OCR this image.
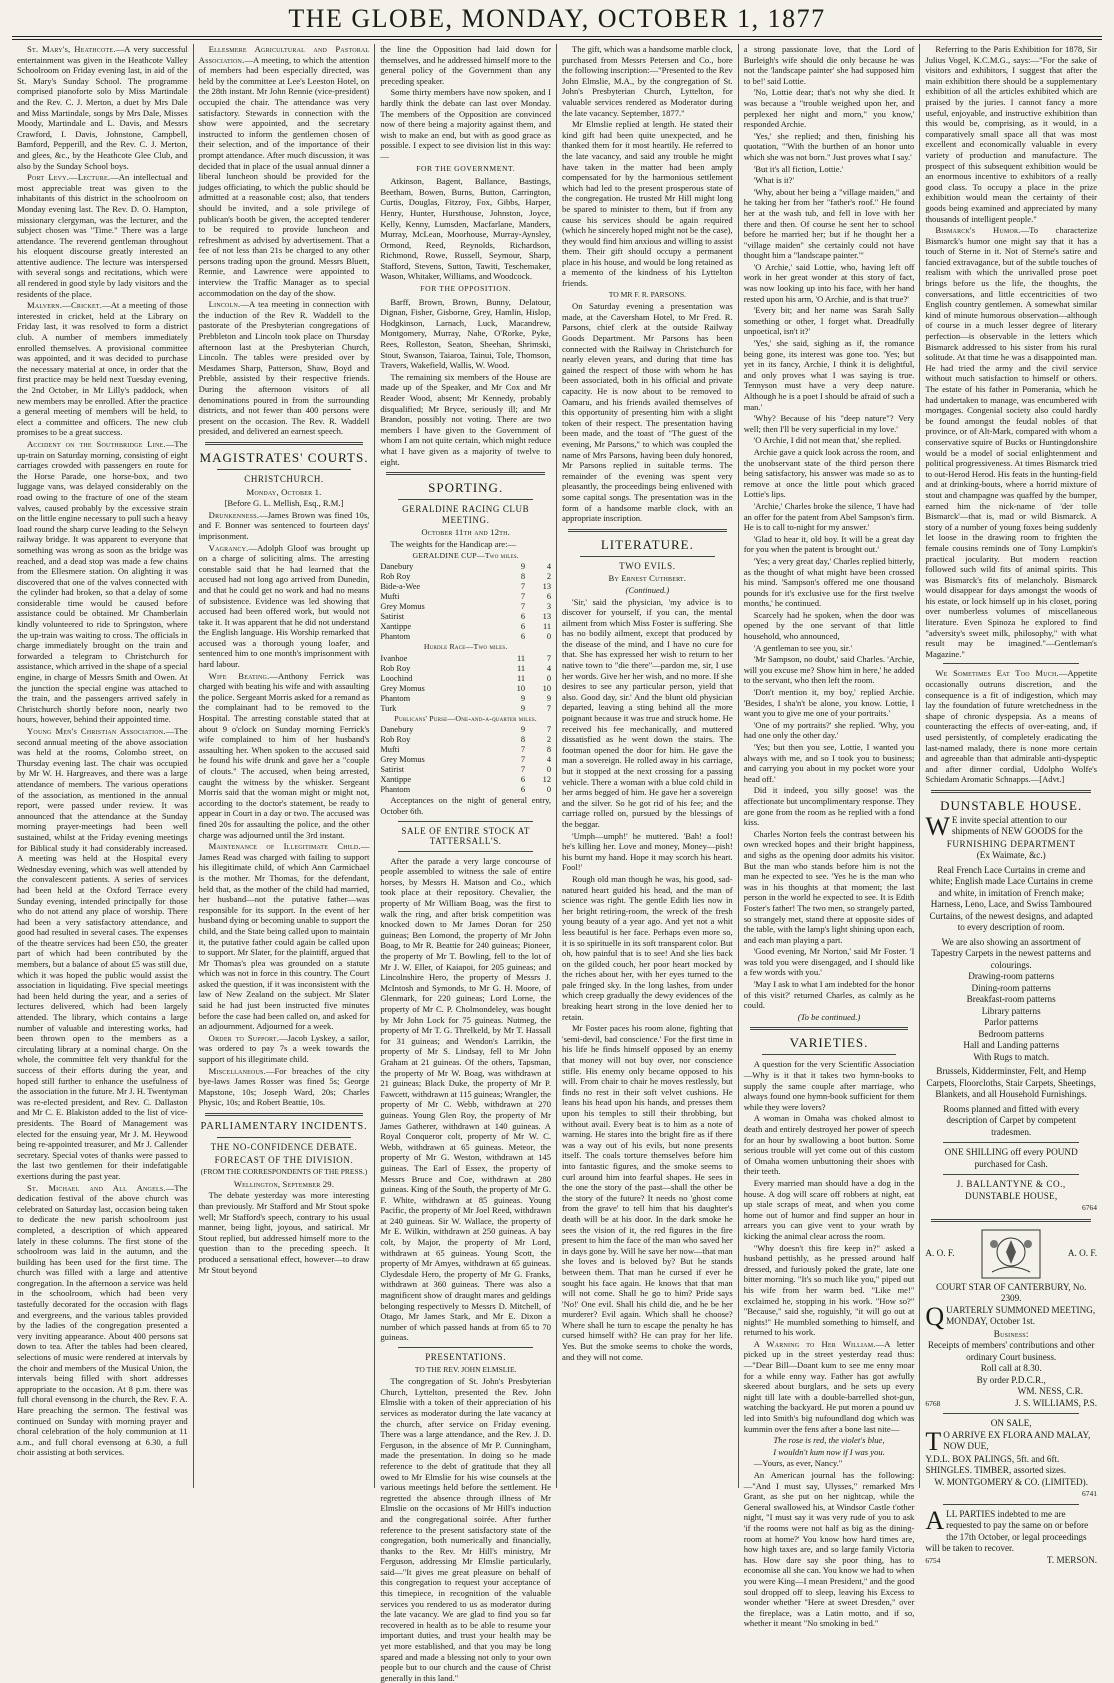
THE GLOBE, MONDAY, OCTOBER 1, 1877

St. Mary's, Heathcote.—A very successful entertainment was given in the Heathcote Valley Schoolroom on Friday evening last, in aid of the St. Mary's Sunday School. The programme comprised pianoforte solo by Miss Martindale and the Rev. C. J. Merton, a duet by Mrs Dale and Miss Martindale, songs by Mrs Dale, Misses Moody, Martindale and L. Davis, and Messrs Crawford, I. Davis, Johnstone, Campbell, Bamford, Pepperill, and the Rev. C. J. Merton, and glees, &c., by the Heathcote Glee Club, and also by the Sunday School boys.

Port Levy.—Lecture.—An intellectual and most appreciable treat was given to the inhabitants of this district in the schoolroom on Monday evening last. The Rev. D. O. Hampton, missionary clergyman, was the lecturer, and the subject chosen was "Time." There was a large attendance. The reverend gentleman throughout his eloquent discourse greatly interested an attentive audience. The lecture was interspersed with several songs and recitations, which were all rendered in good style by lady visitors and the residents of the place.

Malvern.—Cricket.—At a meeting of those interested in cricket, held at the Library on Friday last, it was resolved to form a district club. A number of members immediately enrolled themselves. A provisional committee was appointed, and it was decided to purchase the necessary material at once, in order that the first practice may be held next Tuesday evening, the 2nd October, in Mr Lilly's paddock, when new members may be enrolled. After the practice a general meeting of members will be held, to elect a committee and officers. The new club promises to be a great success.

Accident on the Southbridge Line.—The up-train on Saturday morning, consisting of eight carriages crowded with passengers en route for the Horse Parade, one horse-box, and two luggage vans, was delayed considerably on the road owing to the fracture of one of the steam valves, caused probably by the excessive strain on the little engine necessary to pull such a heavy load round the sharp curve leading to the Selwyn railway bridge. It was apparent to everyone that something was wrong as soon as the bridge was reached, and a dead stop was made a few chains from the Ellesmere station. On alighting it was discovered that one of the valves connected with the cylinder had broken, so that a delay of some considerable time would be caused before assistance could be obtained. Mr Chamberlain kindly volunteered to ride to Springston, where the up-train was waiting to cross. The officials in charge immediately brought on the train and forwarded a telegram to Christchurch for assistance, which arrived in the shape of a special engine, in charge of Messrs Smith and Owen. At the junction the special engine was attached to the train, and the passengers arrived safely in Christchurch shortly before noon, nearly two hours, however, behind their appointed time.

Young Men's Christian Association.—The second annual meeting of the above association was held at the rooms, Colombo street, on Thursday evening last. The chair was occupied by Mr W. H. Hargreaves, and there was a large attendance of members. The various operations of the association, as mentioned in the annual report, were passed under review. It was announced that the attendance at the Sunday morning prayer-meetings had been well sustained, whilst at the Friday evening meetings for Biblical study it had considerably increased. A meeting was held at the Hospital every Wednesday evening, which was well attended by the convalescent patients. A series of services had been held at the Oxford Terrace every Sunday evening, intended principally for those who do not attend any place of worship. There had been a very satisfactory attendance, and good had resulted in several cases. The expenses of the theatre services had been £50, the greater part of which had been contributed by the members, but a balance of about £5 was still due, which it was hoped the public would assist the association in liquidating. Five special meetings had been held during the year, and a series of lectures delivered, which had been largely attended. The library, which contains a large number of valuable and interesting works, had been thrown open to the members as a circulating library at a nominal charge. On the whole, the committee felt very thankful for the success of their efforts during the year, and hoped still further to enhance the usefulness of the association in the future. Mr J. H. Twentyman was re-elected president, and Rev. C. Dallaston and Mr C. E. Blakiston added to the list of vice-presidents. The Board of Management was elected for the ensuing year, Mr J. M. Heywood being re-appointed treasurer, and Mr J. Callender secretary. Special votes of thanks were passed to the last two gentlemen for their indefatigable exertions during the past year.

St. Michael and All Angels.—The dedication festival of the above church was celebrated on Saturday last, occasion being taken to dedicate the new parish schoolroom just completed, a description of which appeared lately in these columns. The first stone of the schoolroom was laid in the autumn, and the building has been used for the first time. The church was filled with a large and attentive congregation. In the afternoon a service was held in the schoolroom, which had been very tastefully decorated for the occasion with flags and evergreens, and the various tables provided by the ladies of the congregation presented a very inviting appearance. About 400 persons sat down to tea. After the tables had been cleared, selections of music were rendered at intervals by the choir and members of the Musical Union, the intervals being filled with short addresses appropriate to the occasion. At 8 p.m. there was full choral evensong in the church, the Rev. F. A. Hare preaching the sermon. The festival was continued on Sunday with morning prayer and choral celebration of the holy communion at 11 a.m., and full choral evensong at 6.30, a full choir assisting at both services.

Ellesmere Agricultural and Pastoral Association.—A meeting, to which the attention of members had been especially directed, was held by the committee at Lee's Leeston Hotel, on the 28th instant. Mr John Rennie (vice-president) occupied the chair. The attendance was very satisfactory. Stewards in connection with the show were appointed, and the secretary instructed to inform the gentlemen chosen of their selection, and of the importance of their prompt attendance. After much discussion, it was decided that in place of the usual annual dinner a liberal luncheon should be provided for the judges officiating, to which the public should be admitted at a reasonable cost; also, that tenders should be invited, and a sole privilege of publican's booth be given, the accepted tenderer to be required to provide luncheon and refreshment as advised by advertisement. That a fee of not less than 21s be charged to any other persons trading upon the ground. Messrs Bluett, Rennie, and Lawrence were appointed to interview the Traffic Manager as to special accommodation on the day of the show.

Lincoln.—A tea meeting in connection with the induction of the Rev R. Waddell to the pastorate of the Presbyterian congregations of Prebbleton and Lincoln took place on Thursday afternoon last at the Presbyterian Church, Lincoln. The tables were presided over by Mesdames Sharp, Patterson, Shaw, Boyd and Prebble, assisted by their respective friends. During the afternoon visitors of all denominations poured in from the surrounding districts, and not fewer than 400 persons were present on the occasion. The Rev. R. Waddell presided, and delivered an earnest speech.

MAGISTRATES' COURTS.
CHRISTCHURCH.

Monday, October 1.

[Before G. L. Mellish, Esq., R.M.]

Drunkenness.—James Brown was fined 10s, and F. Bonner was sentenced to fourteen days' imprisonment.

Vagrancy.—Adolph Gloof was brought up on a charge of soliciting alms. The arresting constable said that he had learned that the accused had not long ago arrived from Dunedin, and that he could get no work and had no means of subsistence. Evidence was led showing that accused had been offered work, but would not take it. It was apparent that he did not understand the English language. His Worship remarked that accused was a thorough young loafer, and sentenced him to one month's imprisonment with hard labour.

Wife Beating.—Anthony Ferrick was charged with beating his wife and with assaulting the police. Sergeant Morris asked for a remand as the complainant had to be removed to the Hospital. The arresting constable stated that at about 9 o'clock on Sunday morning Ferrick's wife complained to him of her husband's assaulting her. When spoken to the accused said he found his wife drunk and gave her a "couple of clouts." The accused, when being arrested, caught the witness by the whisker. Sergeant Morris said that the woman might or might not, according to the doctor's statement, be ready to appear in Court in a day or two. The accused was fined 20s for assaulting the police, and the other charge was adjourned until the 3rd instant.

Maintenance of Illegitimate Child.—James Read was charged with failing to support his illegitimate child, of which Ann Carmichael is the mother. Mr Thomas, for the defendant, held that, as the mother of the child had married, her husband—not the putative father—was responsible for its support. In the event of her husband dying or becoming unable to support the child, and the State being called upon to maintain it, the putative father could again be called upon to support. Mr Slater, for the plaintiff, argued that Mr Thomas's plea was grounded on a statute which was not in force in this country. The Court asked the question, if it was inconsistent with the law of New Zealand on the subject. Mr Slater said he had just been instructed five minutes before the case had been called on, and asked for an adjournment. Adjourned for a week.

Order to Support.—Jacob Lyskey, a sailor, was ordered to pay 7s a week towards the support of his illegitimate child.

Miscellaneous.—For breaches of the city bye-laws James Rosser was fined 5s; George Mapstone, 10s; Joseph Ward, 20s; Charles Physic, 10s; and Robert Beattie, 10s.

PARLIAMENTARY INCIDENTS.
THE NO-CONFIDENCE DEBATE.
FORECAST OF THE DIVISION.

(FROM THE CORRESPONDENTS OF THE PRESS.)

Wellington, September 29.

The debate yesterday was more interesting than previously. Mr Stafford and Mr Stout spoke well; Mr Stafford's speech, contrary to his usual manner, being light, joyous, and satirical. Mr Stout replied, but addressed himself more to the question than to the preceding speech. It produced a sensational effect, however—to draw Mr Stout beyond

the line the Opposition had laid down for themselves, and he addressed himself more to the general policy of the Government than any preceding speaker.

Some thirty members have now spoken, and I hardly think the debate can last over Monday. The members of the Opposition are convinced now of there being a majority against them, and wish to make an end, but with as good grace as possible. I expect to see division list in this way:—

FOR THE GOVERNMENT.

Atkinson, Bagent, Ballance, Bastings, Beetham, Bowen, Burns, Button, Carrington, Curtis, Douglas, Fitzroy, Fox, Gibbs, Harper, Henry, Hunter, Hursthouse, Johnston, Joyce, Kelly, Kenny, Lumsden, Macfarlane, Manders, Murray, McLean, Moorhouse, Murray-Aynsley, Ormond, Reed, Reynolds, Richardson, Richmond, Rowe, Russell, Seymour, Sharp, Stafford, Stevens, Sutton, Tawiti, Teschemaker, Wason, Whitaker, Williams, and Woodcock.

FOR THE OPPOSITION.

Barff, Brown, Brown, Bunny, Delatour, Dignan, Fisher, Gisborne, Grey, Hamlin, Hislop, Hodgkinson, Larnach, Luck, Macandrew, Montgomery, Murray, Nahe, O'Rorke, Pyke, Rees, Rolleston, Seaton, Sheehan, Shrimski, Stout, Swanson, Taiaroa, Tainui, Tole, Thomson, Travers, Wakefield, Wallis, W. Wood.

The remaining six members of the House are made up of the Speaker, and Mr Cox and Mr Reader Wood, absent; Mr Kennedy, probably disqualified; Mr Bryce, seriously ill; and Mr Brandon, possibly not voting. There are two members I have given to the Government of whom I am not quite certain, which might reduce what I have given as a majority of twelve to eight.

SPORTING.
GERALDINE RACING CLUB MEETING.

October 11th and 12th.

The weights for the Handicap are:—

GERALDINE CUP—Two miles.

Danebury	9	4
Rob Roy	8	2
Bide-a-Wee	7	13
Mufti	7	6
Grey Momus	7	3
Satirist	6	13
Xantippe	6	11
Phantom	6	0

Hurdle Race—Two miles.

Ivanhoe	11	7
Rob Roy	11	4
Loochind	11	0
Grey Momus	10	10
Phantom	9	9
Turk	9	7

Publicans' Purse—One-and-a-quarter miles.

Danebury	9	7
Rob Roy	8	2
Mufti	7	8
Grey Momus	7	4
Satirist	7	0
Xantippe	6	12
Phantom	6	0

Acceptances on the night of general entry, October 6th.

SALE OF ENTIRE STOCK AT TATTERSALL'S.

After the parade a very large concourse of people assembled to witness the sale of entire horses, by Messrs H. Matson and Co., which took place at their repository. Chevalier, the property of Mr William Boag, was the first to walk the ring, and after brisk competition was knocked down to Mr James Doran for 250 guineas; Ben Lomond, the property of Mr John Boag, to Mr R. Beattie for 240 guineas; Pioneer, the property of Mr T. Bowling, fell to the lot of Mr J. W. Eller, of Kaiapoi, for 205 guineas; and Lincolnshire Hero, the property of Messrs J. McIntosh and Symonds, to Mr G. H. Moore, of Glenmark, for 220 guineas; Lord Lorne, the property of Mr C. P. Cholmondeley, was bought by Mr John Lock for 75 guineas. Nutmeg, the property of Mr T. G. Threlkeld, by Mr T. Hassall for 31 guineas; and Wendon's Larrikin, the property of Mr S. Lindsay, fell to Mr John Graham at 21 guineas. Of the others, Tapsman, the property of Mr W. Boag, was withdrawn at 21 guineas; Black Duke, the property of Mr P. Fawcett, withdrawn at 115 guineas; Wrangler, the property of Mr C. Webb, withdrawn at 270 guineas. Young Glen Roy, the property of Mr James Gatherer, withdrawn at 140 guineas. A Royal Conqueror colt, property of Mr W. C. Webb, withdrawn at 65 guineas. Meteor, the property of Mr G. Weston, withdrawn at 145 guineas. The Earl of Essex, the property of Messrs Bruce and Coe, withdrawn at 280 guineas. King of the South, the property of Mr G. F. White, withdrawn at 85 guineas. Young Pacific, the property of Mr Joel Reed, withdrawn at 240 guineas. Sir W. Wallace, the property of Mr E. Wilkin, withdrawn at 250 guineas. A bay colt, by Major, the property of Mr Lord, withdrawn at 65 guineas. Young Scott, the property of Mr Amyes, withdrawn at 65 guineas. Clydesdale Hero, the property of Mr G. Franks, withdrawn at 360 guineas. There was also a magnificent show of draught mares and geldings belonging respectively to Messrs D. Mitchell, of Otago, Mr James Stark, and Mr E. Dixon a number of which passed hands at from 65 to 70 guineas.

PRESENTATIONS.

TO THE REV. JOHN ELMSLIE.

The congregation of St. John's Presbyterian Church, Lyttelton, presented the Rev. John Elmslie with a token of their appreciation of his services as moderator during the late vacancy at the church, after service on Friday evening. There was a large attendance, and the Rev. J. D. Ferguson, in the absence of Mr P. Cunningham, made the presentation. In doing so he made reference to the debt of gratitude that they all owed to Mr Elmslie for his wise counsels at the various meetings held before the settlement. He regretted the absence through illness of Mr Elmslie on the occasions of Mr Hill's induction and the congregational soirée. After further reference to the present satisfactory state of the congregation, both numerically and financially, thanks to the Rev. Mr Hill's ministry, Mr Ferguson, addressing Mr Elmslie particularly, said—"It gives me great pleasure on behalf of this congregation to request your acceptance of this timepiece, in recognition of the valuable services you rendered to us as moderator during the late vacancy. We are glad to find you so far recovered in health as to be able to resume your important duties, and trust your health may be yet more established, and that you may be long spared and made a blessing not only to your own people but to our church and the cause of Christ generally in this land."

The gift, which was a handsome marble clock, purchased from Messrs Petersen and Co., bore the following inscription:—"Presented to the Rev John Elmslie, M.A., by the congregation of St. John's Presbyterian Church, Lyttelton, for valuable services rendered as Moderator during the late vacancy. September, 1877."

Mr Elmslie replied at length. He stated their kind gift had been quite unexpected, and he thanked them for it most heartily. He referred to the late vacancy, and said any trouble he might have taken in the matter had been amply compensated for by the harmonious settlement which had led to the present prosperous state of the congregation. He trusted Mr Hill might long be spared to minister to them, but if from any cause his services should be again required (which he sincerely hoped might not be the case), they would find him anxious and willing to assist them. Their gift should occupy a permanent place in his house, and would be long retained as a memento of the kindness of his Lyttelton friends.

TO MR F. R. PARSONS.

On Saturday evening a presentation was made, at the Caversham Hotel, to Mr Fred. R. Parsons, chief clerk at the outside Railway Goods Department. Mr Parsons has been connected with the Railway in Christchurch for nearly eleven years, and during that time has gained the respect of those with whom he has been associated, both in his official and private capacity. He is now about to be removed to Oamaru, and his friends availed themselves of this opportunity of presenting him with a slight token of their respect. The presentation having been made, and the toast of "The guest of the evening, Mr Parsons," to which was coupled the name of Mrs Parsons, having been duly honored, Mr Parsons replied in suitable terms. The remainder of the evening was spent very pleasantly, the proceedings being enlivened with some capital songs. The presentation was in the form of a handsome marble clock, with an appropriate inscription.

LITERATURE.
TWO EVILS.

By Ernest Cuthbert.

(Continued.)

'Sir,' said the physician, 'my advice is to discover for yourself, if you can, the mental ailment from which Miss Foster is suffering. She has no bodily ailment, except that produced by the disease of the mind, and I have no cure for that. She has expressed her wish to return to her native town to "die there"—pardon me, sir, I use her words. Give her her wish, and no more. If she desires to see any particular person, yield that also. Good day, sir.' And the blunt old physician departed, leaving a sting behind all the more poignant because it was true and struck home. He received his fee mechanically, and muttered dissatisfied as he went down the stairs. The footman opened the door for him. He gave the man a sovereign. He rolled away in his carriage, but it stopped at the next crossing for a passing vehicle. There a woman with a blue cold child in her arms begged of him. He gave her a sovereign and the silver. So he got rid of his fee; and the carriage rolled on, pursued by the blessings of the beggar.

'Umph—umph!' he muttered. 'Bah! a fool! he's killing her. Love and money, Money—pish! his burnt my hand. Hope it may scorch his heart. Fool!'

Rough old man though he was, his good, sad-natured heart guided his head, and the man of science was right. The gentle Edith lies now in her bright retiring-room, the wreck of the fresh young beauty of a year ago. And yet not a whit less beautiful is her face. Perhaps even more so, it is so spirituelle in its soft transparent color. But oh, how painful that is to see! And she lies back on the gilded couch, her poor heart mocked by the riches about her, with her eyes turned to the pale fringed sky. In the long lashes, from under which creep gradually the dewy evidences of the breaking heart strong in the love denied her to retain.

Mr Foster paces his room alone, fighting that 'semi-devil, bad conscience.' For the first time in his life he finds himself opposed by an enemy that money will not buy over, nor conscience stifle. His enemy only became opposed to his will. From chair to chair he moves restlessly, but finds no rest in their soft velvet cushions. He leans his head upon his hands, and presses them upon his temples to still their throbbing, but without avail. Every beat is to him as a note of warning. He stares into the bright fire as if there was a way out of his evils, but none presents itself. The coals torture themselves before him into fantastic figures, and the smoke seems to curl around him into fearful shapes. He sees in the one the story of the past—shall the other be the story of the future? It needs no 'ghost come from the grave' to tell him that his daughter's death will be at his door. In the dark smoke he sees the vision of it, the red figures in the fire present to him the face of the man who saved her in days gone by. Will he save her now—that man she loves and is beloved by? But he stands between them. That man he cursed if ever he sought his face again. He knows that that man will not come. Shall he go to him? Pride says 'No!' One evil. Shall his child die, and he be her murderer? Evil again. Which shall he choose? Where shall he turn to escape the penalty he has cursed himself with? He can pray for her life. Yes. But the smoke seems to choke the words, and they will not come.

a strong passionate love, that the Lord of Burleigh's wife should die only because he was not the 'landscape painter' she had supposed him to be!' said Lottie.

'No, Lottie dear; that's not why she died. It was because a "trouble weighed upon her, and perplexed her night and morn," you know,' responded Archie.

'Yes,' she replied; and then, finishing his quotation, '"With the burthen of an honor unto which she was not born." Just proves what I say.'

'But it's all fiction, Lottie.'

'What is it?'

'Why, about her being a "village maiden," and he taking her from her "father's roof." He found her at the wash tub, and fell in love with her there and then. Of course he sent her to school before he married her; but if he thought her a "village maiden" she certainly could not have thought him a "landscape painter."'

'O Archie,' said Lottie, who, having left off work in her great wonder at this story of fact, was now looking up into his face, with her hand rested upon his arm, 'O Archie, and is that true?'

'Every bit; and her name was Sarah Sally something or other, I forget what. Dreadfully unpoetical, isn't it?'

'Yes,' she said, sighing as if, the romance being gone, its interest was gone too. 'Yes; but yet in its fancy, Archie, I think it is delightful, and only proves what I was saying is true. Tennyson must have a very deep nature. Although he is a poet I should be afraid of such a man.'

'Why? Because of his "deep nature"? Very well; then I'll be very superficial in my love.'

'O Archie, I did not mean that,' she replied.

Archie gave a quick look across the room, and the unobservant state of the third person there being satisfactory, his answer was made so as to remove at once the little pout which graced Lottie's lips.

'Archie,' Charles broke the silence, 'I have had an offer for the patent from Abel Sampson's firm. He is to call to-night for my answer.'

'Glad to hear it, old boy. It will be a great day for you when the patent is brought out.'

'Yes; a very great day,' Charles replied bitterly, as the thought of what might have been crossed his mind. 'Sampson's offered me one thousand pounds for it's exclusive use for the first twelve months,' he continued.

Scarcely had he spoken, when the door was opened by the one servant of that little household, who announced,

'A gentleman to see you, sir.'

'Mr Sampson, no doubt,' said Charles. 'Archie, will you excuse me? Show him in here,' he added to the servant, who then left the room.

'Don't mention it, my boy,' replied Archie. 'Besides, I sha'n't be alone, you know. Lottie, I want you to give me one of your portraits.'

'One of my portraits?' she replied. 'Why, you had one only the other day.'

'Yes; but then you see, Lottie, I wanted you always with me, and so I took you to business; and carrying you about in my pocket wore your head off.'

Did it indeed, you silly goose! was the affectionate but uncomplimentary response. They are gone from the room as he replied with a fond kiss.

Charles Norton feels the contrast between his own wrecked hopes and their bright happiness, and sighs as the opening door admits his visitor. But the man who stands before him is not the man he expected to see. 'Yes he is the man who was in his thoughts at that moment; the last person in the world he expected to see. It is Edith Foster's father! The two men, so strangely parted, so strangely met, stand there at opposite sides of the table, with the lamp's light shining upon each, and each man playing a part.

'Good evening, Mr Norton,' said Mr Foster. 'I was told you were disengaged, and I should like a few words with you.'

'May I ask to what I am indebted for the honor of this visit?' returned Charles, as calmly as he could.

(To be continued.)

VARIETIES.

A question for the very Scientific Association—Why is it that it takes two hymn-books to supply the same couple after marriage, who always found one hymn-book sufficient for them while they were lovers?

A woman in Omaha was choked almost to death and entirely destroyed her power of speech for an hour by swallowing a boot button. Some serious trouble will yet come out of this custom of Omaha women unbuttoning their shoes with their teeth.

Every married man should have a dog in the house. A dog will scare off robbers at night, eat up stale scraps of meat, and when you come home out of humor and find supper an hour in arrears you can give vent to your wrath by kicking the animal clear across the room.

"Why doesn't this fire keep in?" asked a husband pettishly, as he pressed around half dressed, and furiously poked the grate, late one bitter morning. "It's so much like you," piped out his wife from her warm bed. "Like me!" exclaimed he, stopping in his work. "How so?" "Because," said she, roguishly, "it will go out at nights!" He mumbled something to himself, and returned to his work.

A Warning to Her William.—A letter picked up in the street yesterday read thus:—"Dear Bill—Doant kum to see me enny moar for a while enny way. Father has got awfully skeered about burglars, and he sets up every night till late with a double-barrelled shot-gun, watching the backyard. He put moren a pound uv led into Smith's big nufoundland dog which was kummin over the fens after a bone last nite—

The rose is red, the violet's blue,

I wouldn't kum now if I was you.

—Yours, as ever, Nancy."

An American journal has the following:—"And I must say, Ulysses," remarked Mrs Grant, as she put on her nightcap, while the General swallowed his, at Windsor Castle t'other night, "I must say it was very rude of you to ask 'if the rooms were not half as big as the dining-room at home?' You know how hard times are, how high taxes are, and so large family Victoria has. How dare say she poor thing, has to economise all she can. You know we had to when you were King—I mean President," and the good soul dropped off to sleep, leaving his Excess to wonder whether "Here at sweet Dresden," over the fireplace, was a Latin motto, and if so, whether it meant "No smoking in bed."

Referring to the Paris Exhibition for 1878, Sir Julius Vogel, K.C.M.G., says:—"For the sake of visitors and exhibitors, I suggest that after the main exhibition there should be a supplementary exhibition of all the articles exhibited which are praised by the juries. I cannot fancy a more useful, enjoyable, and instructive exhibition than this would be, comprising, as it would, in a comparatively small space all that was most excellent and economically valuable in every variety of production and manufacture. The prospect of this subsequent exhibition would be an enormous incentive to exhibitors of a really good class. To occupy a place in the prize exhibition would mean the certainty of their goods being examined and appreciated by many thousands of intelligent people."

Bismarck's Humor.—To characterize Bismarck's humor one might say that it has a touch of Sterne in it. Not of Sterne's satire and fancied extravagance, but of the subtle touches of realism with which the unrivalled prose poet brings before us the life, the thoughts, the conversations, and little eccentricities of two English country gentlemen. A somewhat similar kind of minute humorous observation—although of course in a much lesser degree of literary perfection—is observable in the letters which Bismarck addressed to his sister from his rural solitude. At that time he was a disappointed man. He had tried the army and the civil service without much satisfaction to himself or others. The estate of his father in Pomerania, which he had undertaken to manage, was encumbered with mortgages. Congenial society also could hardly be found amongst the feudal nobles of that province, or of Alt-Mark, compared with whom a conservative squire of Bucks or Huntingdonshire would be a model of social enlightenment and political progressiveness. At times Bismarck tried to out-Herod Herod. His feats in the hunting-field and at drinking-bouts, where a horrid mixture of stout and champagne was quaffed by the bumper, earned him the nick-name of 'der tolle Bismarck'—that is, mad or wild Bismarck. A story of a number of young foxes being suddenly let loose in the drawing room to frighten the female cousins reminds one of Tony Lumpkin's practical jocularity. But modern reaction followed such wild fits of animal spirits. This was Bismarck's fits of melancholy. Bismarck would disappear for days amongst the woods of his estate, or lock himself up in his closet, poring over numberless volumes of miscellaneous literature. Even Spinoza he explored to find "adversity's sweet milk, philosophy," with what result may be imagined."—Gentleman's Magazine."

We Sometimes Eat Too Much.—Appetite occasionally outruns discretion, and the consequence is a fit of indigestion, which may lay the foundation of future wretchedness in the shape of chronic dyspepsia. As a means of counteracting the effects of over-eating, and, if used persistently, of completely eradicating the last-named malady, there is none more certain and agreeable than that admirable anti-dyspeptic and after dinner cordial, Udolpho Wolfe's Schiedam Aromatic Schnapps.—[Advt.]

DUNSTABLE HOUSE.
W E invite special attention to our shipments of NEW GOODS for the
FURNISHING DEPARTMENT
(Ex Waimate, &c.)
Real French Lace Curtains in creme and white; English made Lace Curtains in creme and white, in imitation of French make; Harness, Leno, Lace, and Swiss Tamboured Curtains, of the newest designs, and adapted to every description of room.
We are also showing an assortment of Tapestry Carpets in the newest patterns and colourings.
Drawing-room patterns
Dining-room patterns
Breakfast-room patterns
Library patterns
Parlor patterns
Bedroom patterns
Hall and Landing patterns
With Rugs to match.
Brussels, Kidderminster, Felt, and Hemp Carpets, Floorcloths, Stair Carpets, Sheetings, Blankets, and all Household Furnishings.
Rooms planned and fitted with every description of Carpet by competent tradesmen.
ONE SHILLING off every POUND purchased for Cash.
J. BALLANTYNE & CO.,
DUNSTABLE HOUSE,
6764
A. O. F.	A. O. F.
COURT STAR OF CANTERBURY, No. 2309.
Q UARTERLY SUMMONED MEETING, MONDAY, October 1st.
Business:
Receipts of members' contributions and other ordinary Court business.
Roll call at 8.30.
By order P.D.C.R.,
WM. NESS, C.R.
6768	J. S. WILLIAMS, P.S.
ON SALE,
T O ARRIVE EX FLORA AND MALAY, NOW DUE,
Y.D.L. BOX PALINGS, 5ft. and 6ft. SHINGLES. TIMBER, assorted sizes.
W. MONTGOMERY & CO. (LIMITED).
6741
A LL PARTIES indebted to me are requested to pay the same on or before the 17th October, or legal proceedings will be taken to recover.
6754	T. MERSON.
